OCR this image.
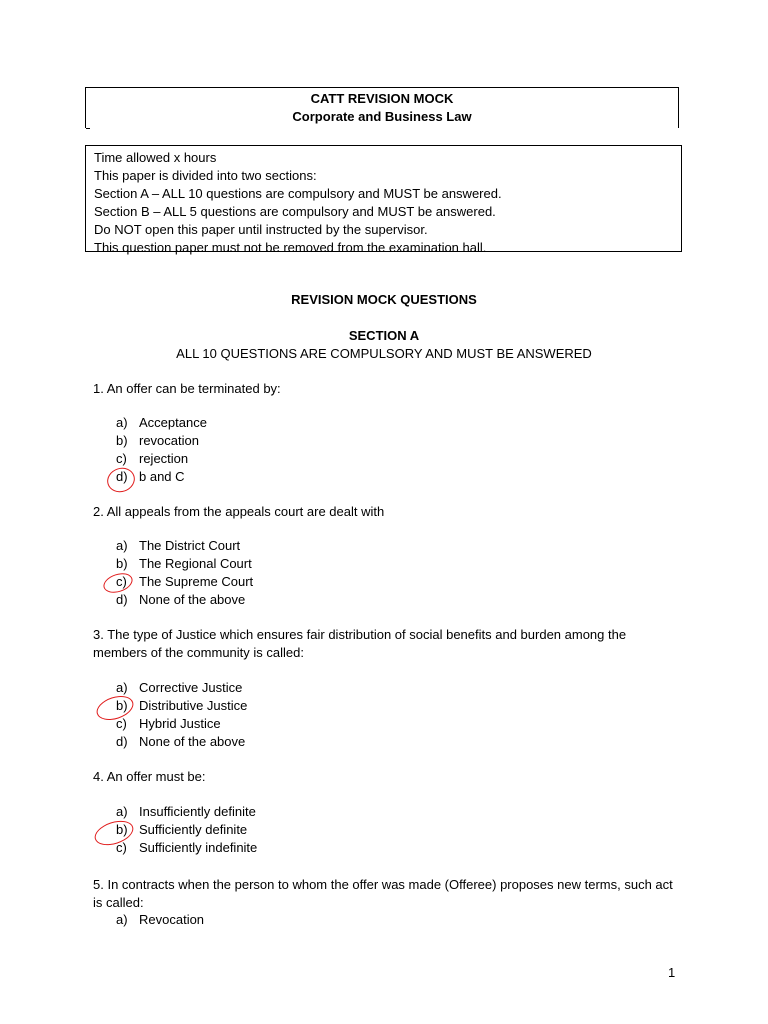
CATT REVISION MOCK
Corporate and Business Law
Time allowed x hours
This paper is divided into two sections:
Section A – ALL 10 questions are compulsory and MUST be answered.
Section B – ALL 5 questions are compulsory and MUST be answered.
Do NOT open this paper until instructed by the supervisor.
This question paper must not be removed from the examination hall.
REVISION MOCK QUESTIONS
SECTION A
ALL 10 QUESTIONS ARE COMPULSORY AND MUST BE ANSWERED
1. An offer can be terminated by:
a) Acceptance
b) revocation
c) rejection
d) b and C
2. All appeals from the appeals court are dealt with
a) The District Court
b) The Regional Court
c) The Supreme Court
d) None of the above
3. The type of Justice which ensures fair distribution of social benefits and burden among the members of the community is called:
a) Corrective Justice
b) Distributive Justice
c) Hybrid Justice
d) None of the above
4. An offer must be:
a) Insufficiently definite
b) Sufficiently definite
c) Sufficiently indefinite
5. In contracts when the person to whom the offer was made (Offeree) proposes new terms, such act is called:
a) Revocation
1
